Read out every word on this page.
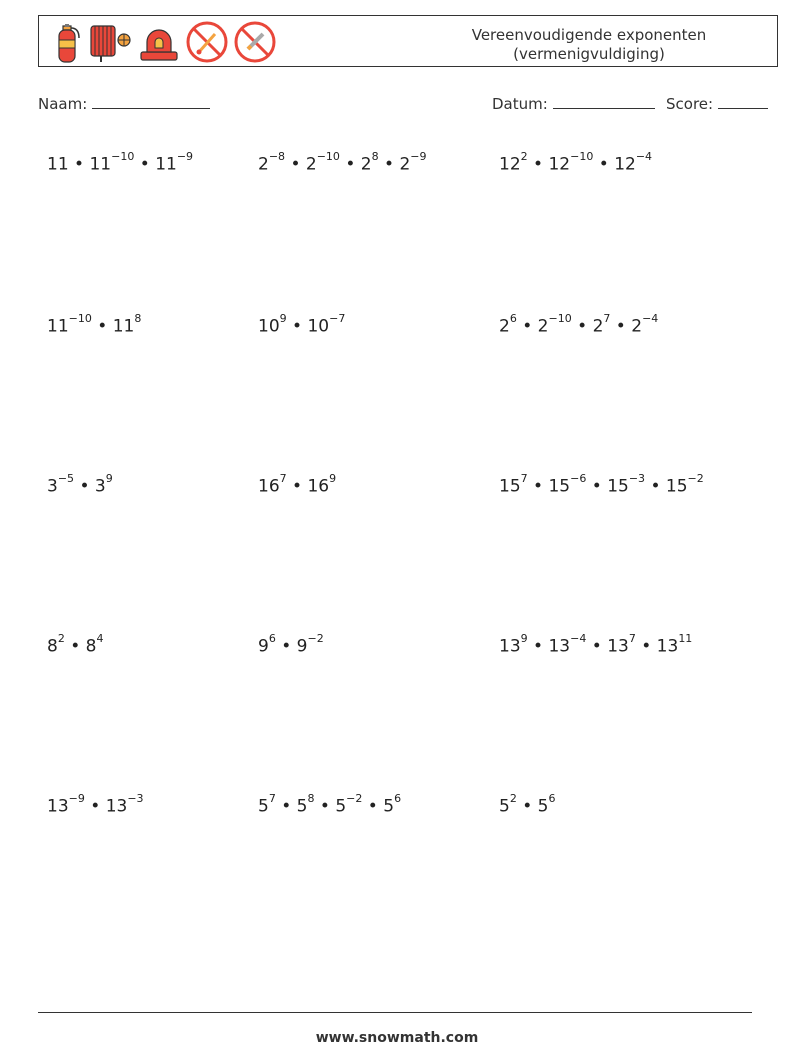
Vereenvoudigende exponenten
(vermenigvuldiging)
Naam:	Datum:	Score:
11 • $11^{-10}$ • $11^{-9}$	$2^{-8}$ • $2^{-10}$ • $2^8$ • $2^{-9}$	$12^2$ • $12^{-10}$ • $12^{-4}$
$11^{-10}$ • $11^8$	$10^9$ • $10^{-7}$	$2^6$ • $2^{-10}$ • $2^7$ • $2^{-4}$
$3^{-5}$ • $3^9$	$16^7$ • $16^9$	$15^7$ • $15^{-6}$ • $15^{-3}$ • $15^{-2}$
$8^2$ • $8^4$	$9^6$ • $9^{-2}$	$13^9$ • $13^{-4}$ • $13^7$ • $13^{11}$
$13^{-9}$ • $13^{-3}$	$5^7$ • $5^8$ • $5^{-2}$ • $5^6$	$5^2$ • $5^6$
www.snowmath.com
